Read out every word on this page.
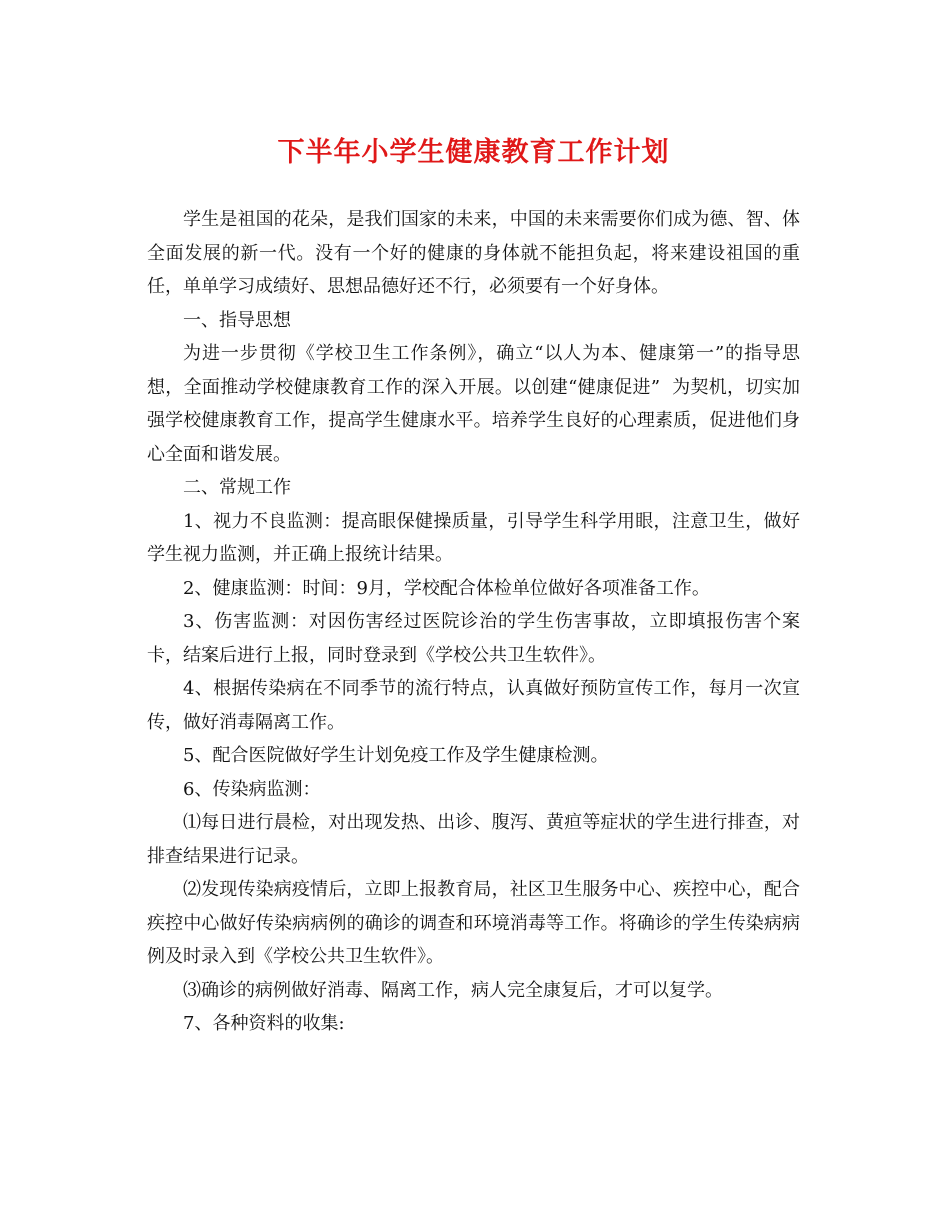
下半年小学生健康教育工作计划

学生是祖国的花朵，是我们国家的未来，中国的未来需要你们成为德、智、体全面发展的新一代。没有一个好的健康的身体就不能担负起，将来建设祖国的重任，单单学习成绩好、思想品德好还不行，必须要有一个好身体。

一、指导思想

为进一步贯彻《学校卫生工作条例》，确立“以人为本、健康第一”的指导思想，全面推动学校健康教育工作的深入开展。以创建“健康促进”  为契机，切实加强学校健康教育工作，提高学生健康水平。培养学生良好的心理素质，促进他们身心全面和谐发展。

二、常规工作

1、视力不良监测：提高眼保健操质量，引导学生科学用眼，注意卫生，做好学生视力监测，并正确上报统计结果。

2、健康监测：时间：9月，学校配合体检单位做好各项准备工作。

3、伤害监测：对因伤害经过医院诊治的学生伤害事故，立即填报伤害个案卡，结案后进行上报，同时登录到《学校公共卫生软件》。

4、根据传染病在不同季节的流行特点，认真做好预防宣传工作，每月一次宣传，做好消毒隔离工作。

5、配合医院做好学生计划免疫工作及学生健康检测。

6、传染病监测：

⑴每日进行晨检，对出现发热、出诊、腹泻、黄疸等症状的学生进行排查，对排查结果进行记录。

⑵发现传染病疫情后，立即上报教育局，社区卫生服务中心、疾控中心，配合疾控中心做好传染病病例的确诊的调查和环境消毒等工作。将确诊的学生传染病病例及时录入到《学校公共卫生软件》。

⑶确诊的病例做好消毒、隔离工作，病人完全康复后，才可以复学。

7、各种资料的收集:
